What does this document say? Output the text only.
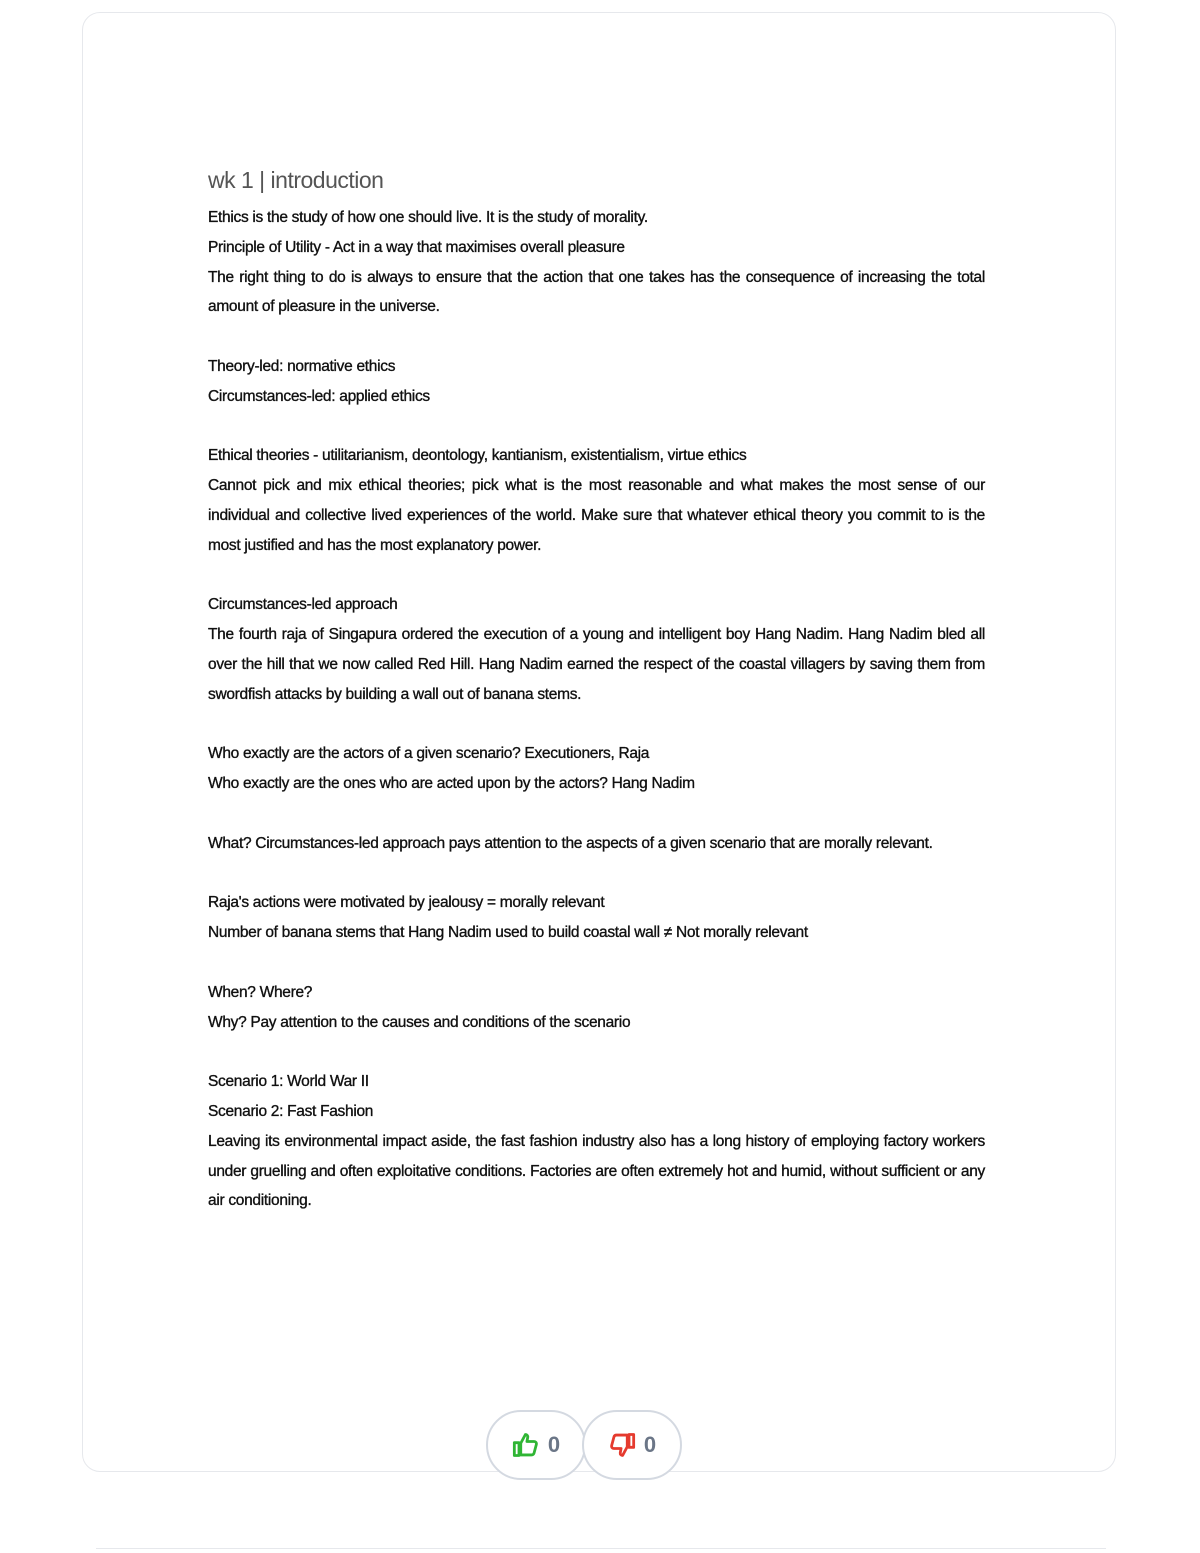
wk 1 | introduction
Ethics is the study of how one should live. It is the study of morality.
Principle of Utility - Act in a way that maximises overall pleasure
The right thing to do is always to ensure that the action that one takes has the consequence of increasing the total amount of pleasure in the universe.
Theory-led: normative ethics
Circumstances-led: applied ethics
Ethical theories - utilitarianism, deontology, kantianism, existentialism, virtue ethics
Cannot pick and mix ethical theories; pick what is the most reasonable and what makes the most sense of our individual and collective lived experiences of the world. Make sure that whatever ethical theory you commit to is the most justified and has the most explanatory power.
Circumstances-led approach
The fourth raja of Singapura ordered the execution of a young and intelligent boy Hang Nadim. Hang Nadim bled all over the hill that we now called Red Hill. Hang Nadim earned the respect of the coastal villagers by saving them from swordfish attacks by building a wall out of banana stems.
Who exactly are the actors of a given scenario? Executioners, Raja
Who exactly are the ones who are acted upon by the actors? Hang Nadim
What? Circumstances-led approach pays attention to the aspects of a given scenario that are morally relevant.
Raja's actions were motivated by jealousy = morally relevant
Number of banana stems that Hang Nadim used to build coastal wall ≠ Not morally relevant
When? Where?
Why? Pay attention to the causes and conditions of the scenario
Scenario 1: World War II
Scenario 2: Fast Fashion
Leaving its environmental impact aside, the fast fashion industry also has a long history of employing factory workers under gruelling and often exploitative conditions. Factories are often extremely hot and humid, without sufficient or any air conditioning.
0	0
